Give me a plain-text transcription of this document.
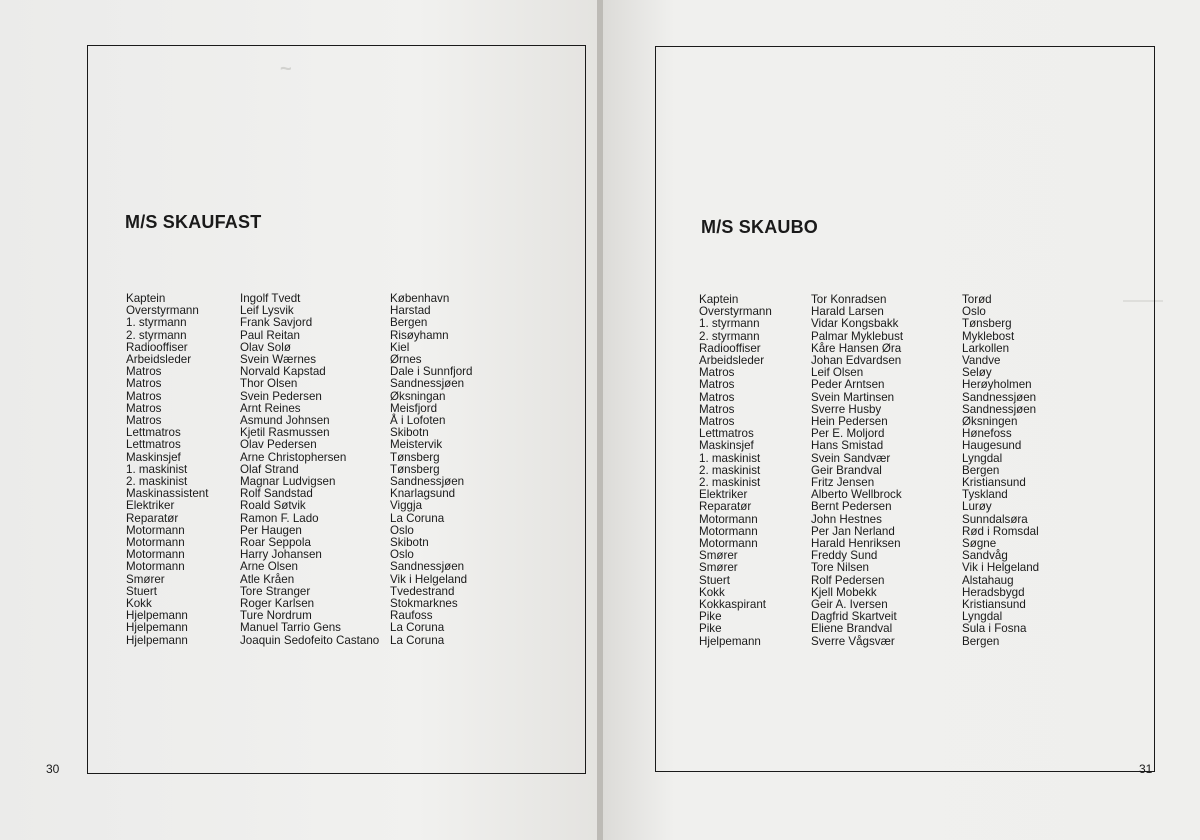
~
M/S SKAUFAST
Kaptein
Overstyrmann
1. styrmann
2. styrmann
Radiooffiser
Arbeidsleder
Matros
Matros
Matros
Matros
Matros
Lettmatros
Lettmatros
Maskinsjef
1. maskinist
2. maskinist
Maskinassistent
Elektriker
Reparatør
Motormann
Motormann
Motormann
Motormann
Smører
Stuert
Kokk
Hjelpemann
Hjelpemann
Hjelpemann
Ingolf Tvedt
Leif Lysvik
Frank Savjord
Paul Reitan
Olav Solø
Svein Wærnes
Norvald Kapstad
Thor Olsen
Svein Pedersen
Arnt Reines
Asmund Johnsen
Kjetil Rasmussen
Olav Pedersen
Arne Christophersen
Olaf Strand
Magnar Ludvigsen
Rolf Sandstad
Roald Søtvik
Ramon F. Lado
Per Haugen
Roar Seppola
Harry Johansen
Arne Olsen
Atle Kråen
Tore Stranger
Roger Karlsen
Ture Nordrum
Manuel Tarrio Gens
Joaquin Sedofeito Castano
København
Harstad
Bergen
Risøyhamn
Kiel
Ørnes
Dale i Sunnfjord
Sandnessjøen
Øksningan
Meisfjord
Å i Lofoten
Skibotn
Meistervik
Tønsberg
Tønsberg
Sandnessjøen
Knarlagsund
Viggja
La Coruna
Oslo
Skibotn
Oslo
Sandnessjøen
Vik i Helgeland
Tvedestrand
Stokmarknes
Raufoss
La Coruna
La Coruna
30
M/S SKAUBO
Kaptein
Overstyrmann
1. styrmann
2. styrmann
Radiooffiser
Arbeidsleder
Matros
Matros
Matros
Matros
Matros
Lettmatros
Maskinsjef
1. maskinist
2. maskinist
2. maskinist
Elektriker
Reparatør
Motormann
Motormann
Motormann
Smører
Smører
Stuert
Kokk
Kokkaspirant
Pike
Pike
Hjelpemann
Tor Konradsen
Harald Larsen
Vidar Kongsbakk
Palmar Myklebust
Kåre Hansen Øra
Johan Edvardsen
Leif Olsen
Peder Arntsen
Svein Martinsen
Sverre Husby
Hein Pedersen
Per E. Moljord
Hans Smistad
Svein Sandvær
Geir Brandval
Fritz Jensen
Alberto Wellbrock
Bernt Pedersen
John Hestnes
Per Jan Nerland
Harald Henriksen
Freddy Sund
Tore Nilsen
Rolf Pedersen
Kjell Mobekk
Geir A. Iversen
Dagfrid Skartveit
Eliene Brandval
Sverre Vågsvær
Torød
Oslo
Tønsberg
Myklebost
Larkollen
Vandve
Seløy
Herøyholmen
Sandnessjøen
Sandnessjøen
Øksningen
Hønefoss
Haugesund
Lyngdal
Bergen
Kristiansund
Tyskland
Lurøy
Sunndalsøra
Rød i Romsdal
Søgne
Sandvåg
Vik i Helgeland
Alstahaug
Heradsbygd
Kristiansund
Lyngdal
Sula i Fosna
Bergen
31
